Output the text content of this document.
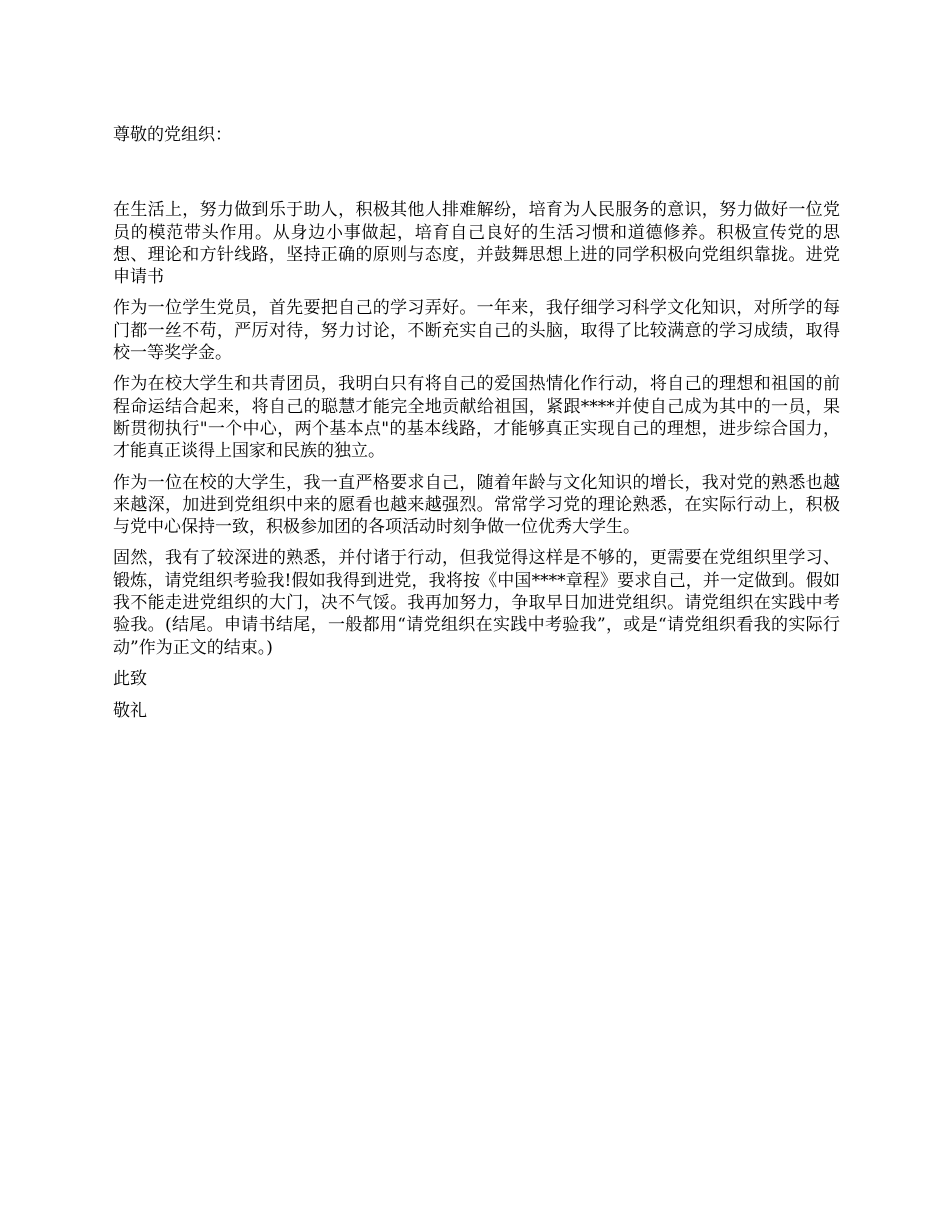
尊敬的党组织：

在生活上，努力做到乐于助人，积极其他人排难解纷，培育为人民服务的意识，努力做好一位党员的模范带头作用。从身边小事做起，培育自己良好的生活习惯和道德修养。积极宣传党的思想、理论和方针线路，坚持正确的原则与态度，并鼓舞思想上进的同学积极向党组织靠拢。进党申请书

作为一位学生党员，首先要把自己的学习弄好。一年来，我仔细学习科学文化知识，对所学的每门都一丝不苟，严厉对待，努力讨论，不断充实自己的头脑，取得了比较满意的学习成绩，取得校一等奖学金。

作为在校大学生和共青团员，我明白只有将自己的爱国热情化作行动，将自己的理想和祖国的前程命运结合起来，将自己的聪慧才能完全地贡献给祖国，紧跟****并使自己成为其中的一员，果断贯彻执行"一个中心，两个基本点"的基本线路，才能够真正实现自己的理想，进步综合国力，才能真正谈得上国家和民族的独立。

作为一位在校的大学生，我一直严格要求自己，随着年龄与文化知识的增长，我对党的熟悉也越来越深，加进到党组织中来的愿看也越来越强烈。常常学习党的理论熟悉，在实际行动上，积极与党中心保持一致，积极参加团的各项活动时刻争做一位优秀大学生。

固然，我有了较深进的熟悉，并付诸于行动，但我觉得这样是不够的，更需要在党组织里学习、锻炼，请党组织考验我!假如我得到进党，我将按《中国****章程》要求自己，并一定做到。假如我不能走进党组织的大门，决不气馁。我再加努力，争取早日加进党组织。请党组织在实践中考验我。(结尾。申请书结尾，一般都用“请党组织在实践中考验我”，或是“请党组织看我的实际行动”作为正文的结束。)

此致

敬礼
